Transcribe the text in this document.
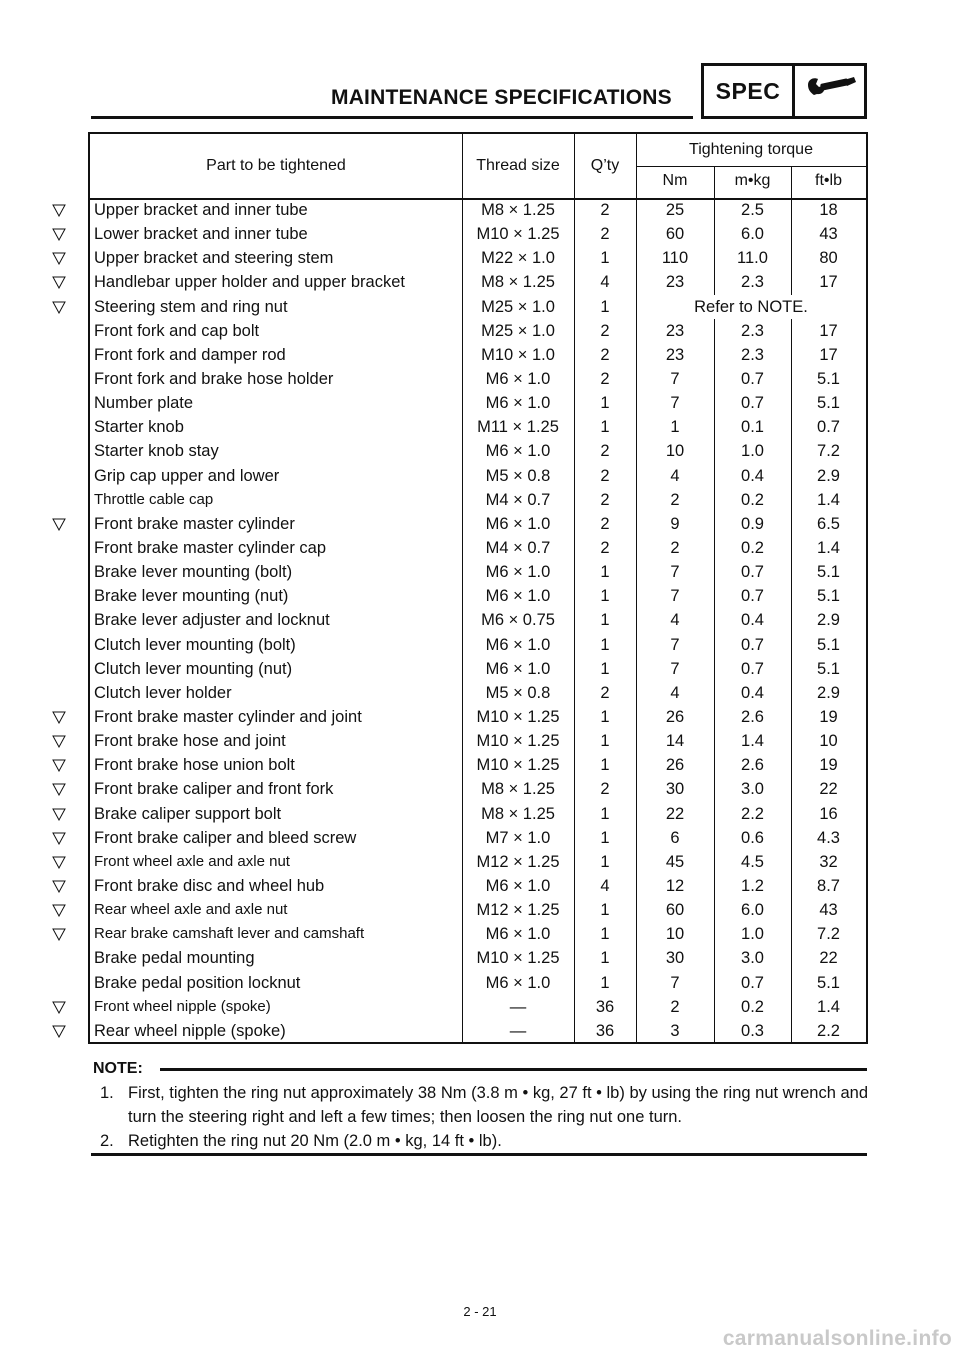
MAINTENANCE SPECIFICATIONS	SPEC
Part to be tightened	Thread size	Q’ty
Tightening torque
Nm	m•kg	ft•lb
Upper bracket and inner tube	M8 × 1.25	2	25	2.5	18
Lower bracket and inner tube	M10 × 1.25	2	60	6.0	43
Upper bracket and steering stem	M22 × 1.0	1	110	11.0	80
Handlebar upper holder and upper bracket	M8 × 1.25	4	23	2.3	17
Steering stem and ring nut	M25 × 1.0	1	Refer to NOTE.
Front fork and cap bolt	M25 × 1.0	2	23	2.3	17
Front fork and damper rod	M10 × 1.0	2	23	2.3	17
Front fork and brake hose holder	M6 × 1.0	2	7	0.7	5.1
Number plate	M6 × 1.0	1	7	0.7	5.1
Starter knob	M11 × 1.25	1	1	0.1	0.7
Starter knob stay	M6 × 1.0	2	10	1.0	7.2
Grip cap upper and lower	M5 × 0.8	2	4	0.4	2.9
Throttle cable cap	M4 × 0.7	2	2	0.2	1.4
Front brake master cylinder	M6 × 1.0	2	9	0.9	6.5
Front brake master cylinder cap	M4 × 0.7	2	2	0.2	1.4
Brake lever mounting (bolt)	M6 × 1.0	1	7	0.7	5.1
Brake lever mounting (nut)	M6 × 1.0	1	7	0.7	5.1
Brake lever adjuster and locknut	M6 × 0.75	1	4	0.4	2.9
Clutch lever mounting (bolt)	M6 × 1.0	1	7	0.7	5.1
Clutch lever mounting (nut)	M6 × 1.0	1	7	0.7	5.1
Clutch lever holder	M5 × 0.8	2	4	0.4	2.9
Front brake master cylinder and joint	M10 × 1.25	1	26	2.6	19
Front brake hose and joint	M10 × 1.25	1	14	1.4	10
Front brake hose union bolt	M10 × 1.25	1	26	2.6	19
Front brake caliper and front fork	M8 × 1.25	2	30	3.0	22
Brake caliper support bolt	M8 × 1.25	1	22	2.2	16
Front brake caliper and bleed screw	M7 × 1.0	1	6	0.6	4.3
Front wheel axle and axle nut	M12 × 1.25	1	45	4.5	32
Front brake disc and wheel hub	M6 × 1.0	4	12	1.2	8.7
Rear wheel axle and axle nut	M12 × 1.25	1	60	6.0	43
Rear brake camshaft lever and camshaft	M6 × 1.0	1	10	1.0	7.2
Brake pedal mounting	M10 × 1.25	1	30	3.0	22
Brake pedal position locknut	M6 × 1.0	1	7	0.7	5.1
Front wheel nipple (spoke)	—	36	2	0.2	1.4
Rear wheel nipple (spoke)	—	36	3	0.3	2.2
NOTE:
1. First, tighten the ring nut approximately 38 Nm (3.8 m • kg, 27 ft • lb) by using the ring nut wrench and turn the steering right and left a few times; then loosen the ring nut one turn.
2. Retighten the ring nut 20 Nm (2.0 m • kg, 14 ft • lb).
2 - 21
carmanualsonline.info
